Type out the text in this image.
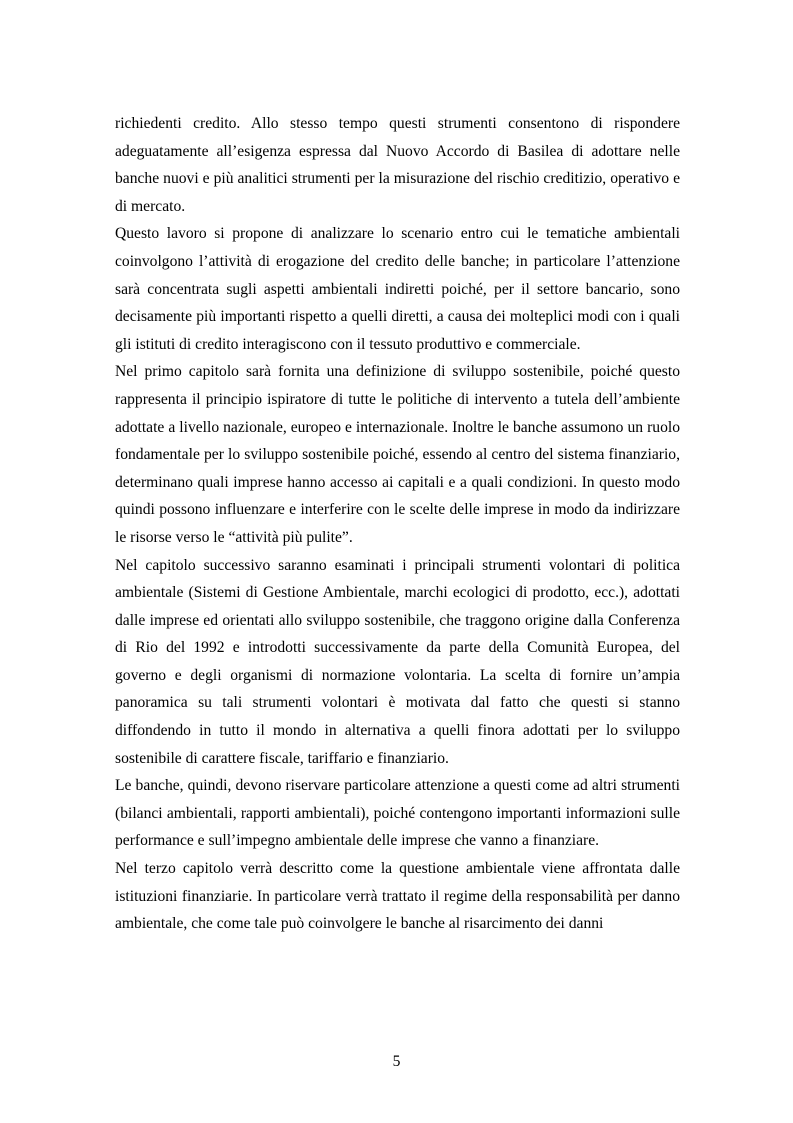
richiedenti credito. Allo stesso tempo questi strumenti consentono di rispondere adeguatamente all’esigenza espressa dal Nuovo Accordo di Basilea di adottare nelle banche nuovi e più analitici strumenti per la misurazione del rischio creditizio, operativo e di mercato.

Questo lavoro si propone di analizzare lo scenario entro cui le tematiche ambientali coinvolgono l’attività di erogazione del credito delle banche; in particolare l’attenzione sarà concentrata sugli aspetti ambientali indiretti poiché, per il settore bancario, sono decisamente più importanti rispetto a quelli diretti, a causa dei molteplici modi con i quali gli istituti di credito interagiscono con il tessuto produttivo e commerciale.

Nel primo capitolo sarà fornita una definizione di sviluppo sostenibile, poiché questo rappresenta il principio ispiratore di tutte le politiche di intervento a tutela dell’ambiente adottate a livello nazionale, europeo e internazionale. Inoltre le banche assumono un ruolo fondamentale per lo sviluppo sostenibile poiché, essendo al centro del sistema finanziario, determinano quali imprese hanno accesso ai capitali e a quali condizioni. In questo modo quindi possono influenzare e interferire con le scelte delle imprese in modo da indirizzare le risorse verso le “attività più pulite”.

Nel capitolo successivo saranno esaminati i principali strumenti volontari di politica ambientale (Sistemi di Gestione Ambientale, marchi ecologici di prodotto, ecc.), adottati dalle imprese ed orientati allo sviluppo sostenibile, che traggono origine dalla Conferenza di Rio del 1992 e introdotti successivamente da parte della Comunità Europea, del governo e degli organismi di normazione volontaria. La scelta di fornire un’ampia panoramica su tali strumenti volontari è motivata dal fatto che questi si stanno diffondendo in tutto il mondo in alternativa a quelli finora adottati per lo sviluppo sostenibile di carattere fiscale, tariffario e finanziario.

Le banche, quindi, devono riservare particolare attenzione a questi come ad altri strumenti (bilanci ambientali, rapporti ambientali), poiché contengono importanti informazioni sulle performance e sull’impegno ambientale delle imprese che vanno a finanziare.

Nel terzo capitolo verrà descritto come la questione ambientale viene affrontata dalle istituzioni finanziarie. In particolare verrà trattato il regime della responsabilità per danno ambientale, che come tale può coinvolgere le banche al risarcimento dei danni

5
